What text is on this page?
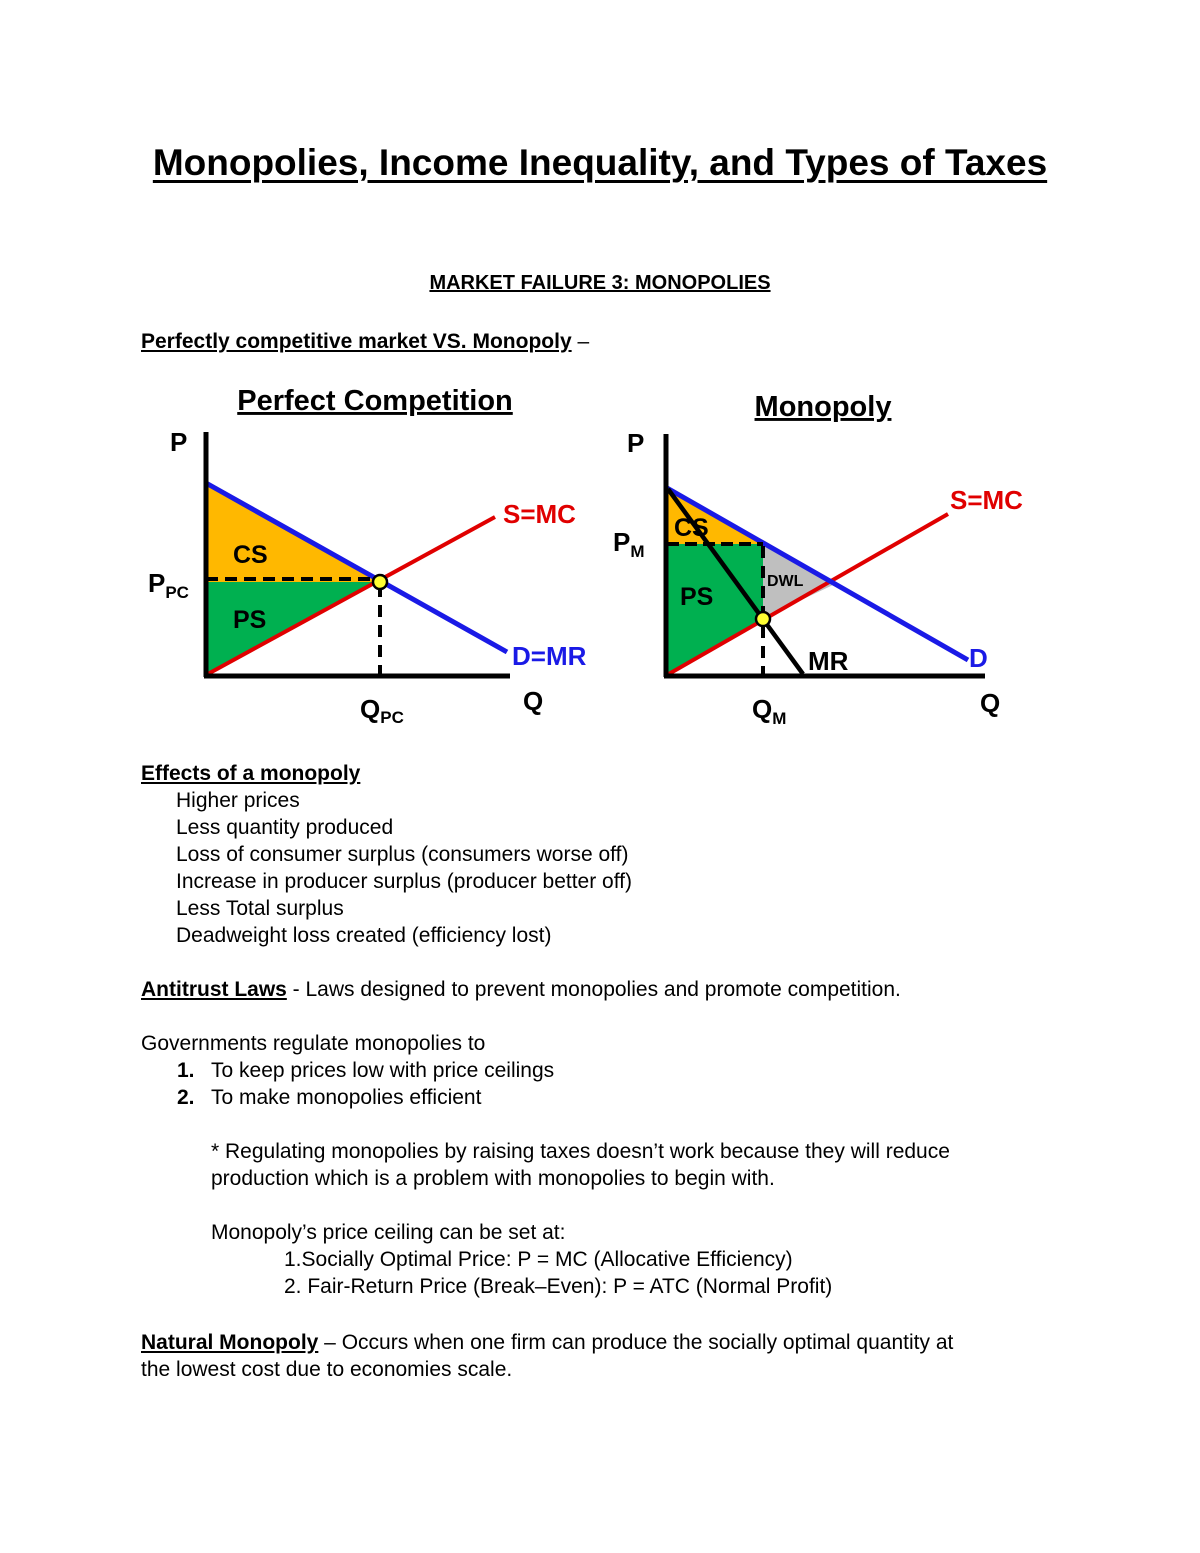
Monopolies, Income Inequality, and Types of Taxes
MARKET FAILURE 3: MONOPOLIES
Perfectly competitive market VS. Monopoly –
Perfect Competition
P
Q
$P_{PC}$
QPC
CS
PS
S=MC
D=MR
Monopoly
P
Q
$P_M$
$Q_M$
CS
PS
DWL
S=MC
D
MR
Effects of a monopoly
Higher prices
Less quantity produced
Loss of consumer surplus (consumers worse off)
Increase in producer surplus (producer better off)
Less Total surplus
Deadweight loss created (efficiency lost)
Antitrust Laws - Laws designed to prevent monopolies and promote competition.
Governments regulate monopolies to
1. To keep prices low with price ceilings
2. To make monopolies efficient
* Regulating monopolies by raising taxes doesn’t work because they will reduce
production which is a problem with monopolies to begin with.
Monopoly’s price ceiling can be set at:
1.Socially Optimal Price: P = MC (Allocative Efficiency)
2. Fair-Return Price (Break–Even): P = ATC (Normal Profit)
Natural Monopoly – Occurs when one firm can produce the socially optimal quantity at
the lowest cost due to economies scale.
